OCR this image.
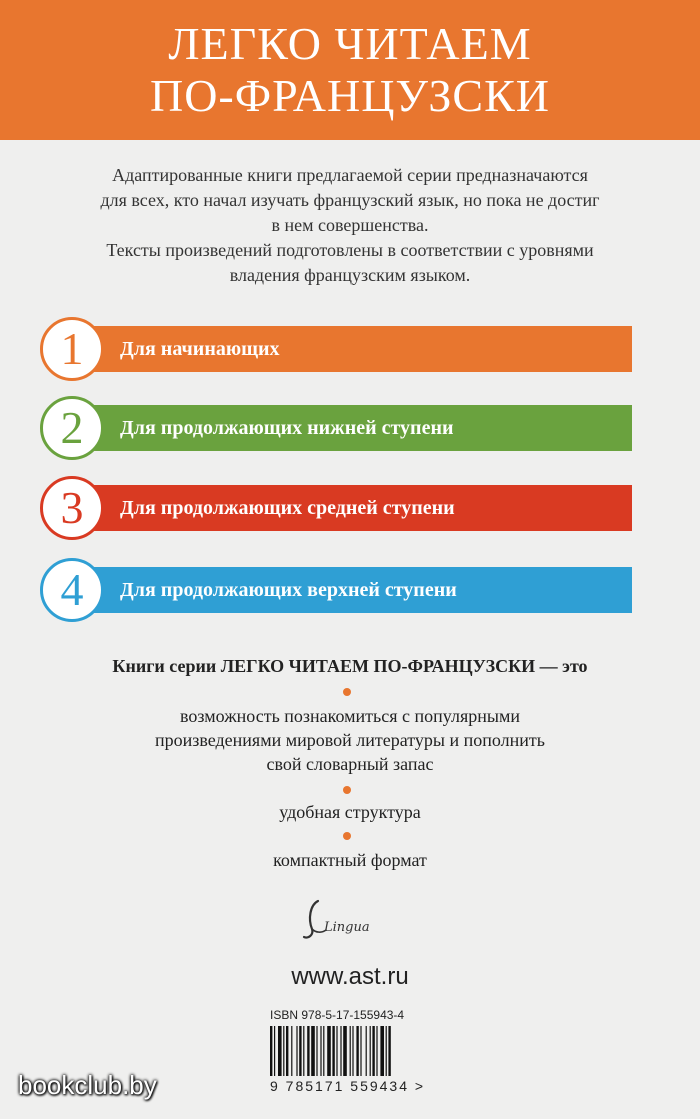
ЛЕГКО ЧИТАЕМ
ПО-ФРАНЦУЗСКИ
Адаптированные книги предлагаемой серии предназначаются
для всех, кто начал изучать французский язык, но пока не достиг
в нем совершенства.
Тексты произведений подготовлены в соответствии с уровнями
владения французским языком.
Для начинающих
1
Для продолжающих нижней ступени
2
Для продолжающих средней ступени
3
Для продолжающих верхней ступени
4
Книги серии ЛЕГКО ЧИТАЕМ ПО-ФРАНЦУЗСКИ — это
возможность познакомиться с популярными
произведениями мировой литературы и пополнить
свой словарный запас
удобная структура
компактный формат
Lingua
www.ast.ru
ISBN 978-5-17-155943-4
9 785171 559434 >
bookclub.by
